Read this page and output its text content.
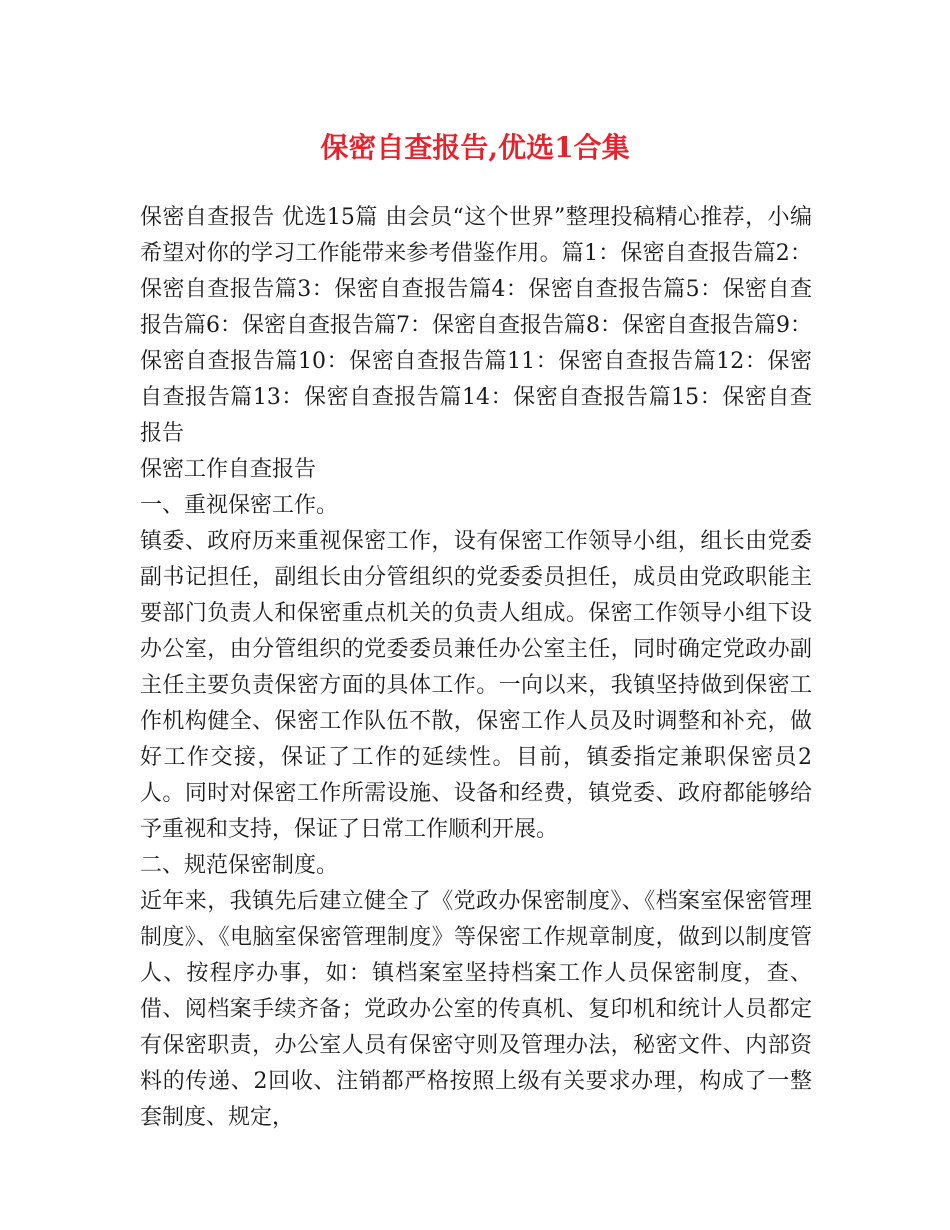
保密自查报告,优选1合集

保密自查报告 优选15篇 由会员“这个世界”整理投稿精心推荐，小编希望对你的学习工作能带来参考借鉴作用。篇1：保密自查报告篇2：保密自查报告篇3：保密自查报告篇4：保密自查报告篇5：保密自查报告篇6：保密自查报告篇7：保密自查报告篇8：保密自查报告篇9：保密自查报告篇10：保密自查报告篇11：保密自查报告篇12：保密自查报告篇13：保密自查报告篇14：保密自查报告篇15：保密自查报告

保密工作自查报告

一、重视保密工作。

镇委、政府历来重视保密工作，设有保密工作领导小组，组长由党委副书记担任，副组长由分管组织的党委委员担任，成员由党政职能主要部门负责人和保密重点机关的负责人组成。保密工作领导小组下设办公室，由分管组织的党委委员兼任办公室主任，同时确定党政办副主任主要负责保密方面的具体工作。一向以来，我镇坚持做到保密工作机构健全、保密工作队伍不散，保密工作人员及时调整和补充，做好工作交接，保证了工作的延续性。目前，镇委指定兼职保密员2人。同时对保密工作所需设施、设备和经费，镇党委、政府都能够给予重视和支持，保证了日常工作顺利开展。

二、规范保密制度。

近年来，我镇先后建立健全了《党政办保密制度》、《档案室保密管理制度》、《电脑室保密管理制度》等保密工作规章制度，做到以制度管人、按程序办事，如：镇档案室坚持档案工作人员保密制度，查、借、阅档案手续齐备；党政办公室的传真机、复印机和统计人员都定有保密职责，办公室人员有保密守则及管理办法，秘密文件、内部资料的传递、2回收、注销都严格按照上级有关要求办理，构成了一整套制度、规定，
